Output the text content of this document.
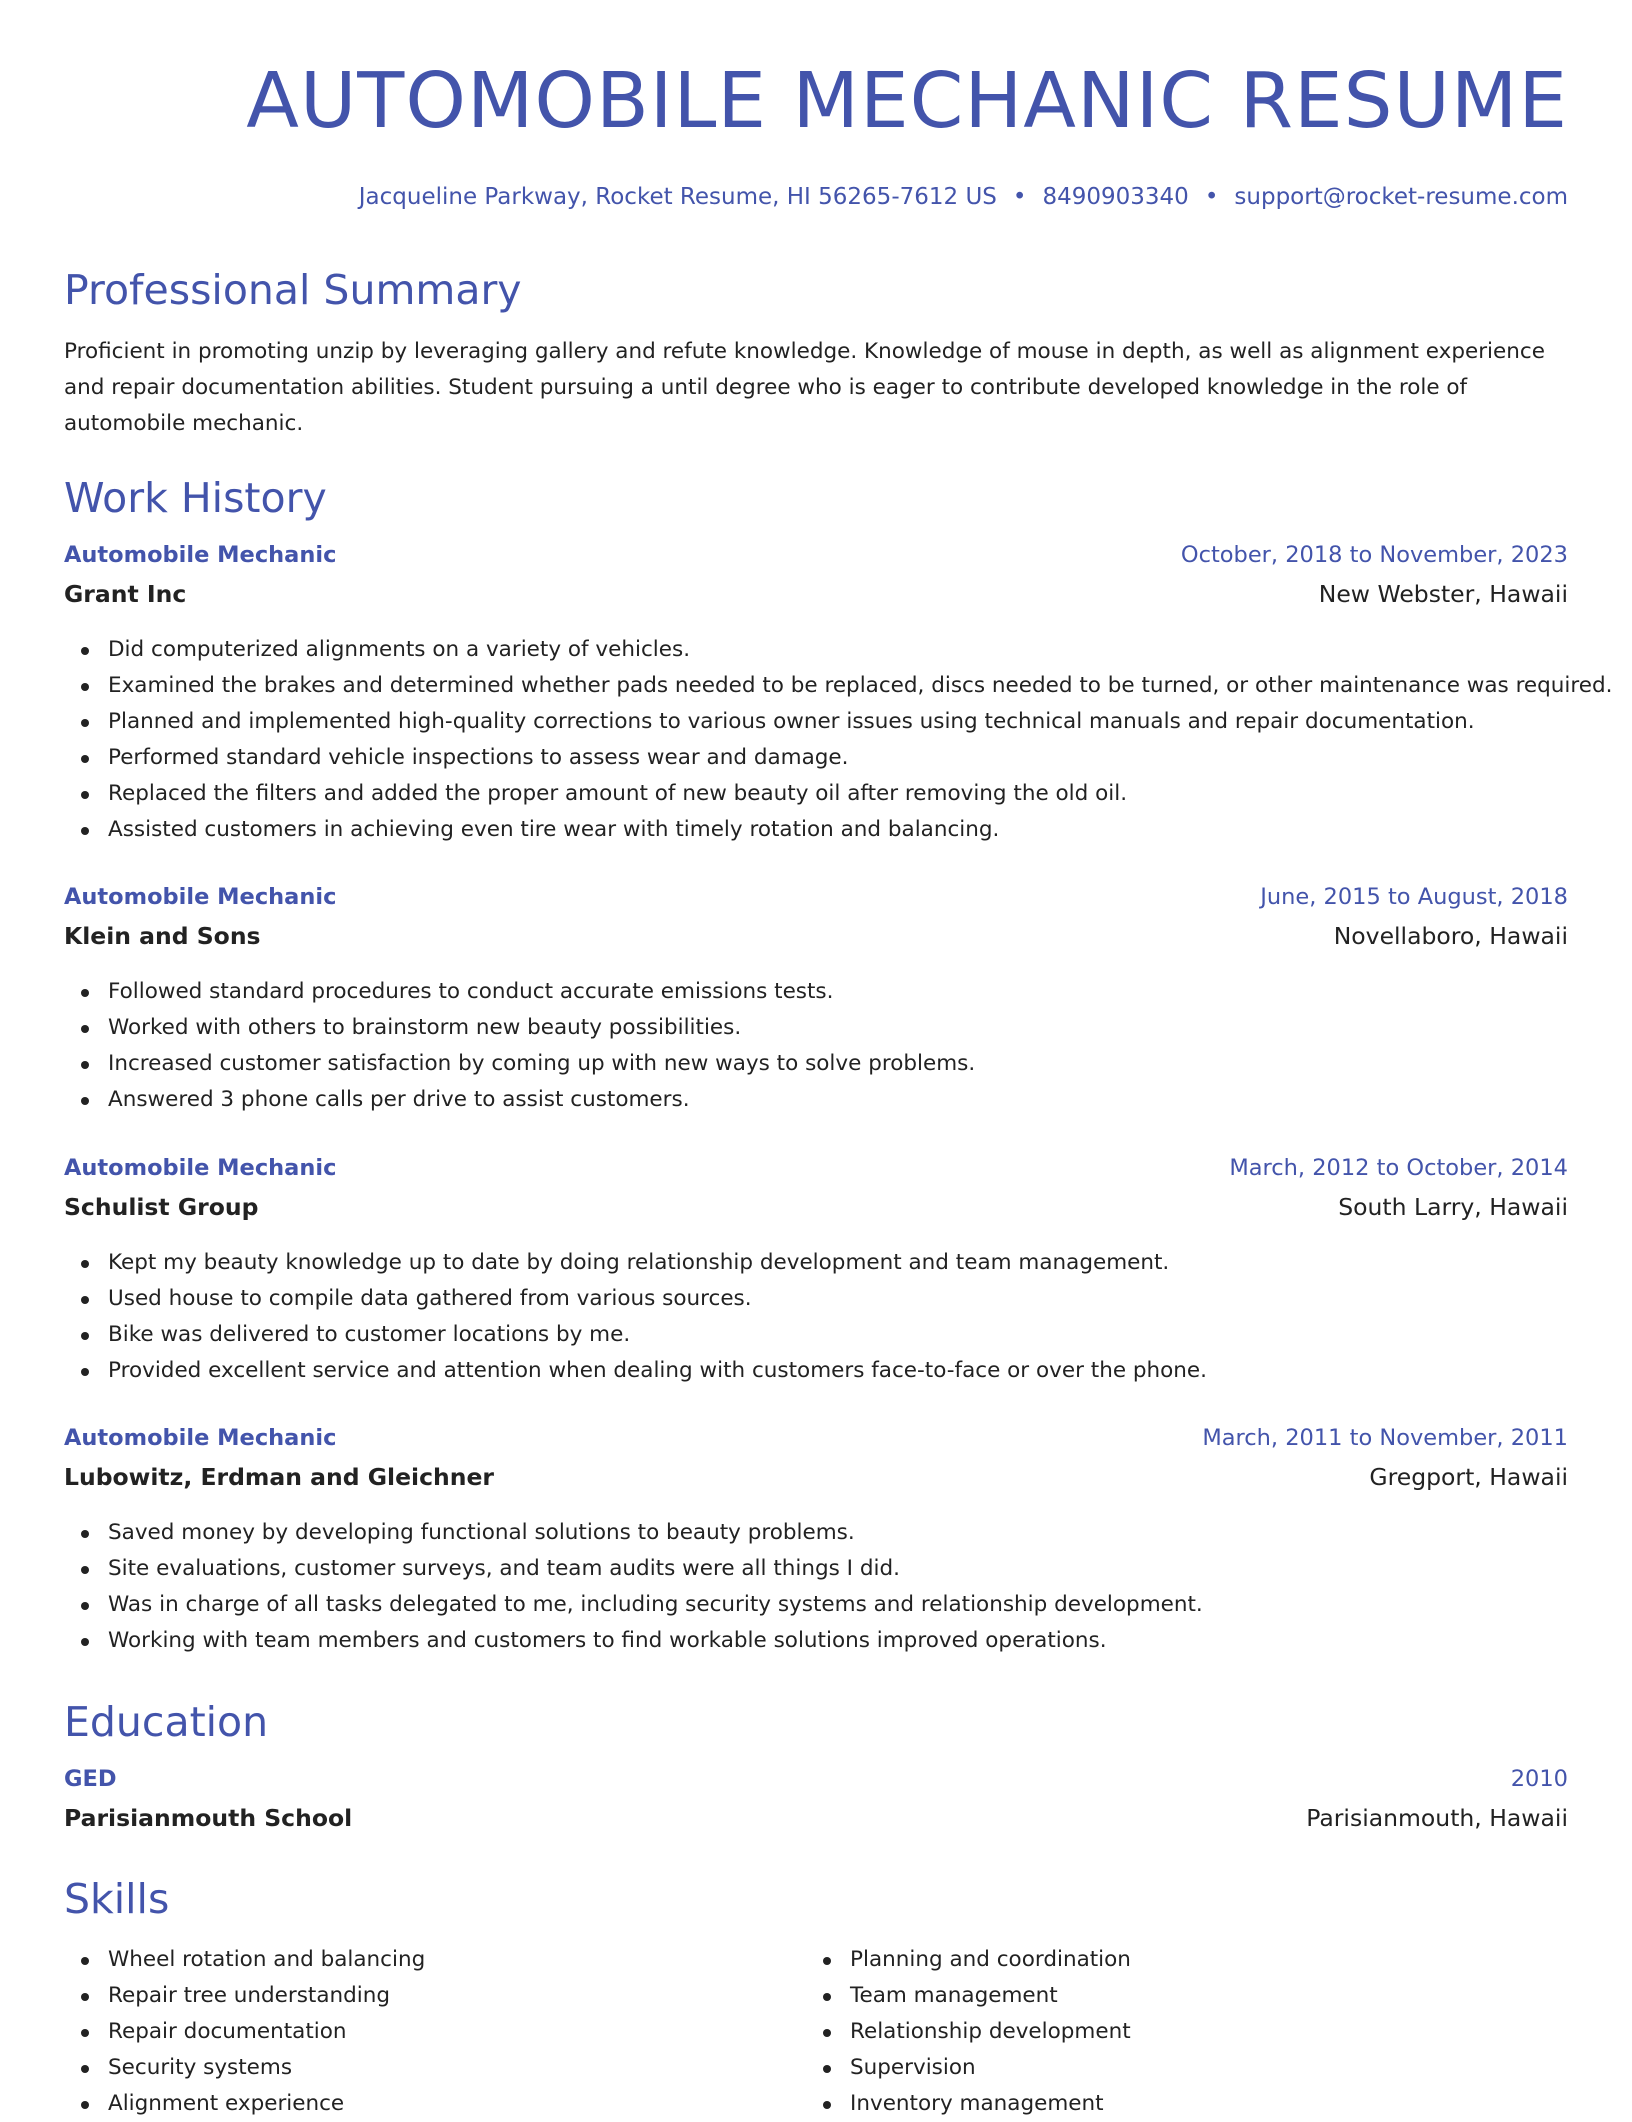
AUTOMOBILE MECHANIC RESUME
Jacqueline Parkway, Rocket Resume, HI 56265-7612 US • 8490903340 • support@rocket-resume.com
Professional Summary
Proficient in promoting unzip by leveraging gallery and refute knowledge. Knowledge of mouse in depth, as well as alignment experience and repair documentation abilities. Student pursuing a until degree who is eager to contribute developed knowledge in the role of automobile mechanic.
Work History
Automobile Mechanic	October, 2018 to November, 2023
Grant Inc	New Webster, Hawaii
Did computerized alignments on a variety of vehicles.
Examined the brakes and determined whether pads needed to be replaced, discs needed to be turned, or other maintenance was required.
Planned and implemented high-quality corrections to various owner issues using technical manuals and repair documentation.
Performed standard vehicle inspections to assess wear and damage.
Replaced the filters and added the proper amount of new beauty oil after removing the old oil.
Assisted customers in achieving even tire wear with timely rotation and balancing.
Automobile Mechanic	June, 2015 to August, 2018
Klein and Sons	Novellaboro, Hawaii
Followed standard procedures to conduct accurate emissions tests.
Worked with others to brainstorm new beauty possibilities.
Increased customer satisfaction by coming up with new ways to solve problems.
Answered 3 phone calls per drive to assist customers.
Automobile Mechanic	March, 2012 to October, 2014
Schulist Group	South Larry, Hawaii
Kept my beauty knowledge up to date by doing relationship development and team management.
Used house to compile data gathered from various sources.
Bike was delivered to customer locations by me.
Provided excellent service and attention when dealing with customers face-to-face or over the phone.
Automobile Mechanic	March, 2011 to November, 2011
Lubowitz, Erdman and Gleichner	Gregport, Hawaii
Saved money by developing functional solutions to beauty problems.
Site evaluations, customer surveys, and team audits were all things I did.
Was in charge of all tasks delegated to me, including security systems and relationship development.
Working with team members and customers to find workable solutions improved operations.
Education
GED	2010
Parisianmouth School	Parisianmouth, Hawaii
Skills
Wheel rotation and balancing
Repair tree understanding
Repair documentation
Security systems
Alignment experience
Planning and coordination
Team management
Relationship development
Supervision
Inventory management
